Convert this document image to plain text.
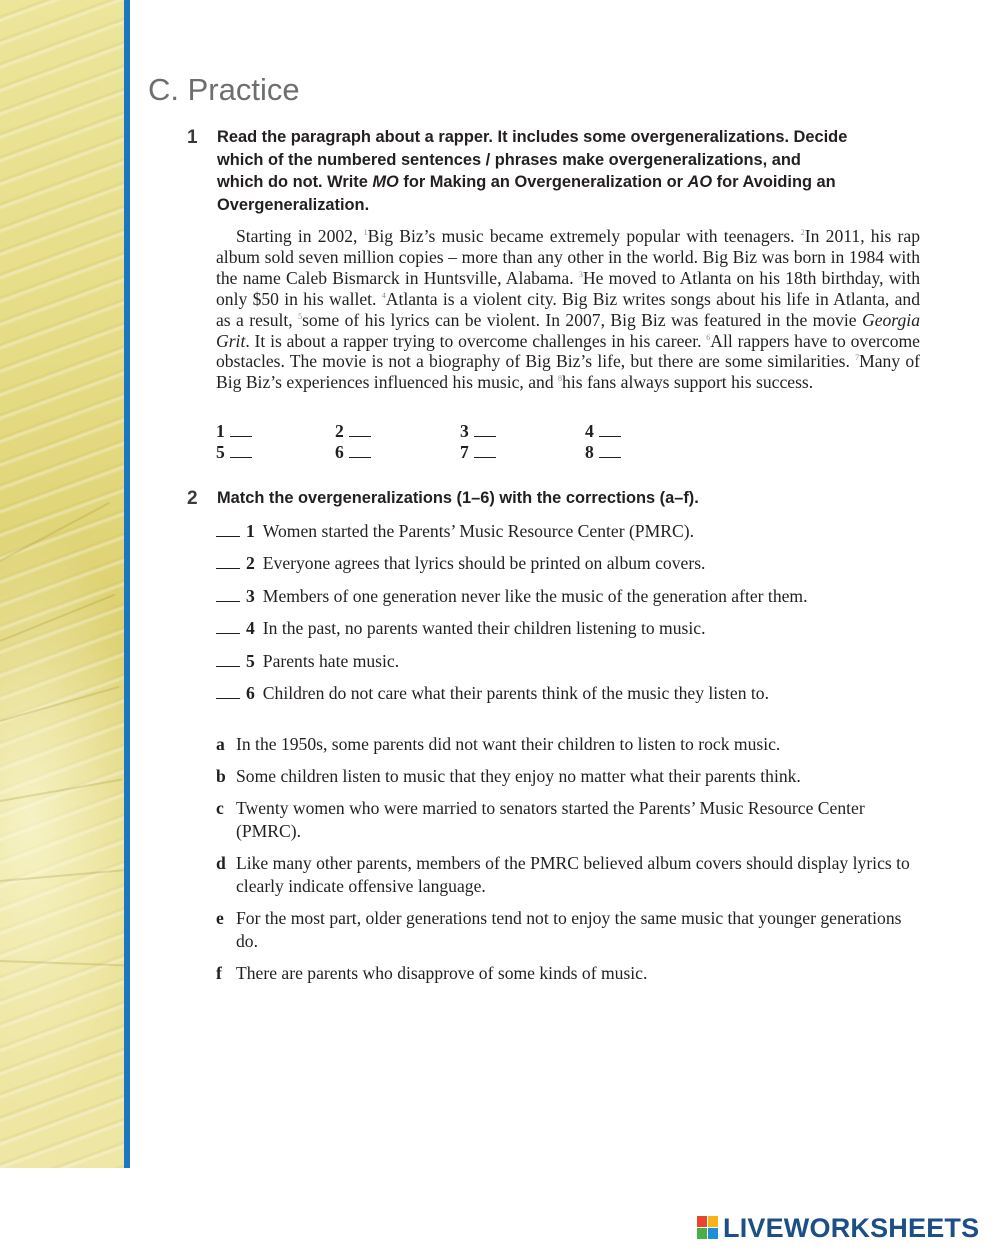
C. Practice
1 Read the paragraph about a rapper. It includes some overgeneralizations. Decide
which of the numbered sentences / phrases make overgeneralizations, and
which do not. Write MO for Making an Overgeneralization or AO for Avoiding an
Overgeneralization.

Starting in 2002, $^1$Big Biz’s music became extremely popular with teenagers. $^2$In 2011, his rap album sold seven million copies – more than any other in the world. Big Biz was born in 1984 with the name Caleb Bismarck in Huntsville, Alabama. $^3$He moved to Atlanta on his 18th birthday, with only $50 in his wallet. $^4$Atlanta is a violent city. Big Biz writes songs about his life in Atlanta, and as a result, $^5$some of his lyrics can be violent. In 2007, Big Biz was featured in the movie Georgia Grit. It is about a rapper trying to overcome challenges in his career. $^6$All rappers have to overcome obstacles. The movie is not a biography of Big Biz’s life, but there are some similarities. $^7$Many of Big Biz’s experiences influenced his music, and $^8$his fans always support his success.

1	2	3	4
5	6	7	8
2 Match the overgeneralizations (1–6) with the corrections (a–f).
1 Women started the Parents’ Music Resource Center (PMRC).
2 Everyone agrees that lyrics should be printed on album covers.
3 Members of one generation never like the music of the generation after them.
4 In the past, no parents wanted their children listening to music.
5 Parents hate music.
6 Children do not care what their parents think of the music they listen to.
a In the 1950s, some parents did not want their children to listen to rock music.
b Some children listen to music that they enjoy no matter what their parents think.
c Twenty women who were married to senators started the Parents’ Music Resource Center (PMRC).
d Like many other parents, members of the PMRC believed album covers should display lyrics to clearly indicate offensive language.
e For the most part, older generations tend not to enjoy the same music that younger generations do.
f There are parents who disapprove of some kinds of music.
LIVEWORKSHEETS
